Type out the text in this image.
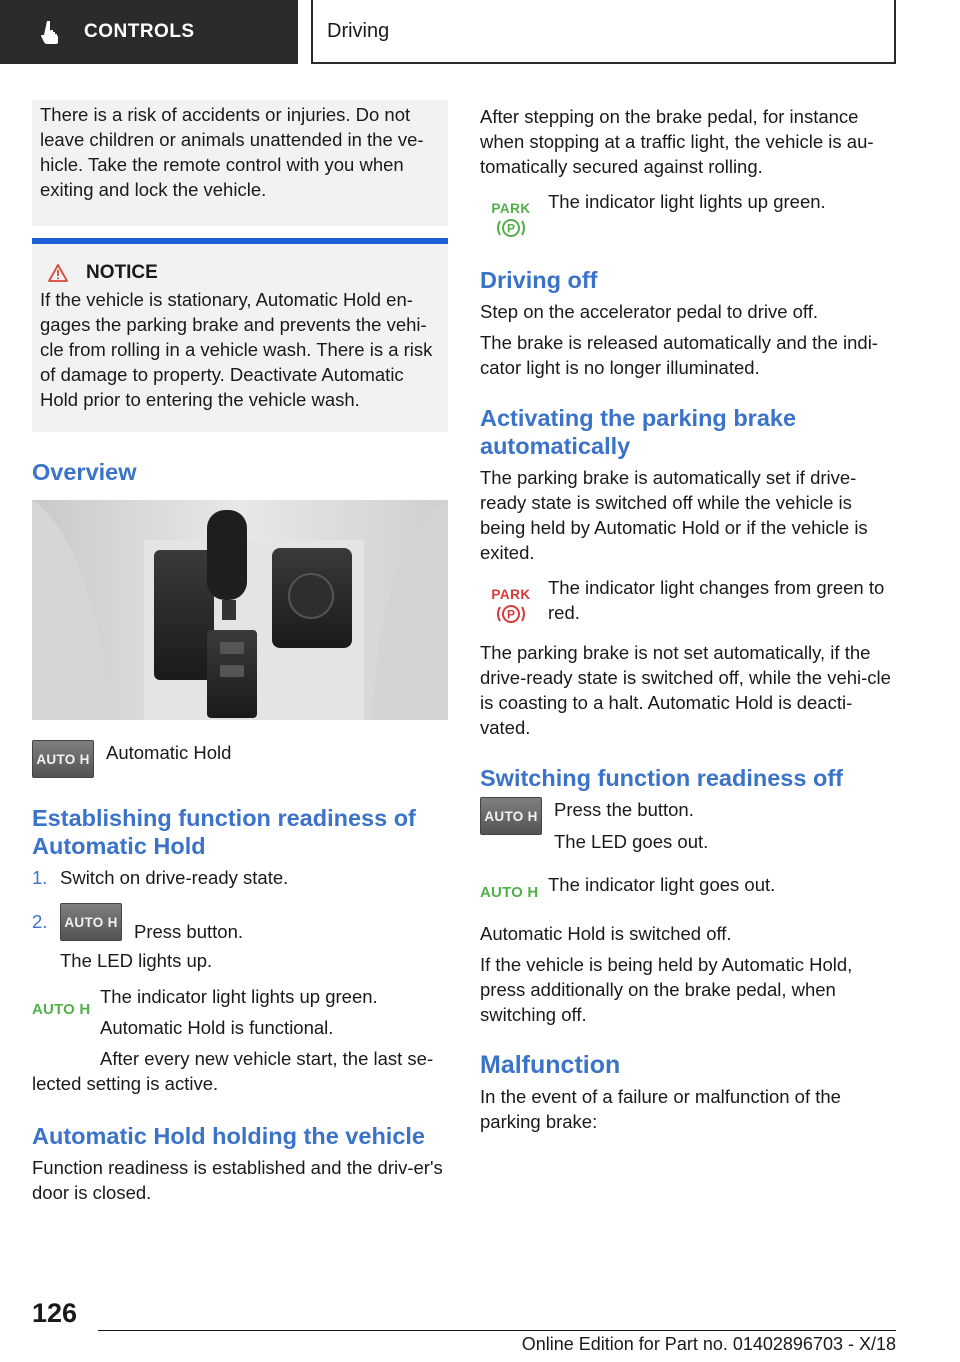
CONTROLS	Driving
There is a risk of accidents or injuries. Do not leave children or animals unattended in the ve‐hicle. Take the remote control with you when exiting and lock the vehicle.
NOTICE

If the vehicle is stationary, Automatic Hold en‐gages the parking brake and prevents the vehi‐cle from rolling in a vehicle wash. There is a risk of damage to property. Deactivate Automatic Hold prior to entering the vehicle wash.

Overview
AUTO H Automatic Hold

Establishing function readiness of Automatic Hold
1. Switch on drive-ready state.
2.	AUTO H Press button.
The LED lights up.
AUTO H

The indicator light lights up green.

Automatic Hold is functional.

After every new vehicle start, the last se‐lected setting is active.

Automatic Hold holding the vehicle

Function readiness is established and the driv‐er's door is closed.

After stepping on the brake pedal, for instance when stopping at a traffic light, the vehicle is au‐tomatically secured against rolling.

PARK
P

The indicator light lights up green.

Driving off

Step on the accelerator pedal to drive off.

The brake is released automatically and the indi‐cator light is no longer illuminated.

Activating the parking brake automatically

The parking brake is automatically set if drive-ready state is switched off while the vehicle is being held by Automatic Hold or if the vehicle is exited.

PARK
P

The indicator light changes from green to red.

The parking brake is not set automatically, if the drive-ready state is switched off, while the vehi‐cle is coasting to a halt. Automatic Hold is deacti‐vated.

Switching function readiness off
AUTO H Press the button.

The LED goes out.

AUTO H The indicator light goes out.

Automatic Hold is switched off.

If the vehicle is being held by Automatic Hold, press additionally on the brake pedal, when switching off.

Malfunction

In the event of a failure or malfunction of the parking brake:

126
Online Edition for Part no. 01402896703 - X/18
